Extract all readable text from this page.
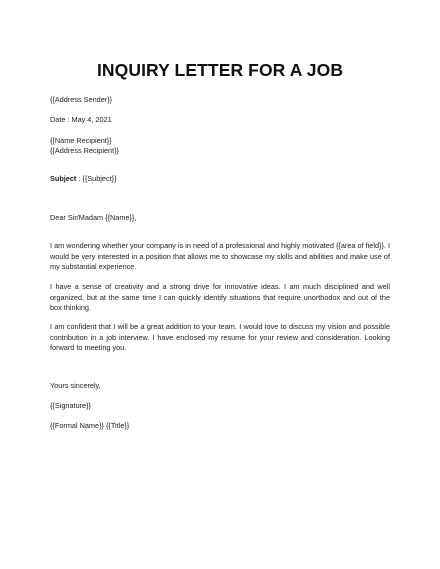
INQUIRY LETTER FOR A JOB
{{Address Sender}}
Date : May 4, 2021
{{Name Recipient}}
{{Address Recipient}}
Subject : {{Subject}}
Dear Sir/Madam {{Name}},
I am wondering whether your company is in need of a professional and highly motivated {{area of field}}. I would be very interested in a position that allows me to showcase my skills and abilities and make use of my substantial experience.
I have a sense of creativity and a strong drive for innovative ideas. I am much disciplined and well organized, but at the same time I can quickly identify situations that require unorthodox and out of the box thinking.
I am confident that I will be a great addition to your team. I would love to discuss my vision and possible contribution in a job interview. I have enclosed my resume for your review and consideration. Looking forward to meeting you.
Yours sincerely,
{{Signature}}
{{Formal Name}} {{Title}}
